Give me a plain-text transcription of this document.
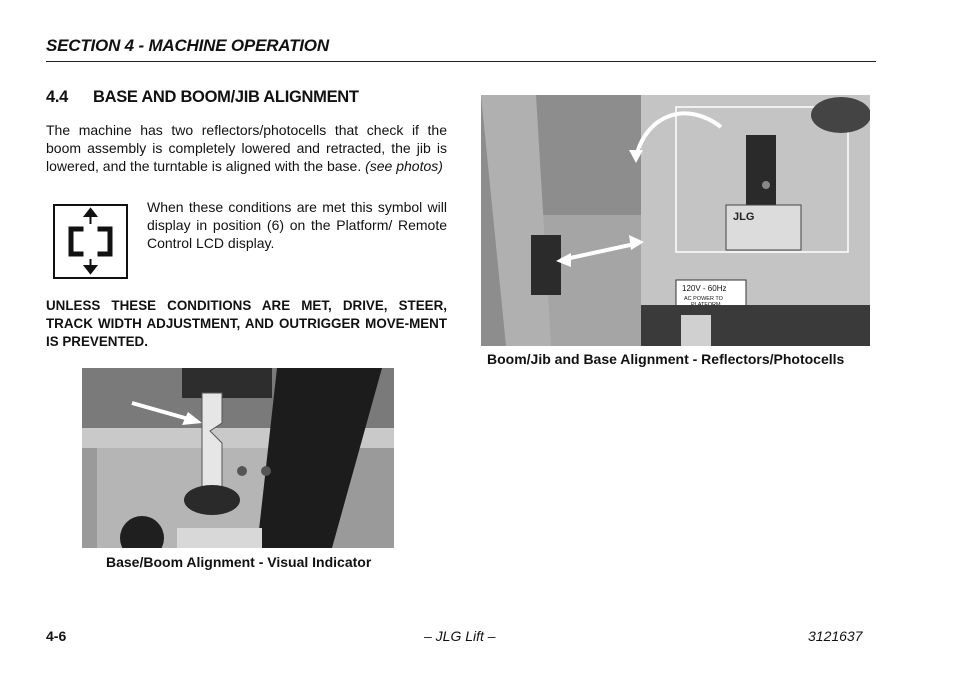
SECTION 4 - MACHINE OPERATION
4.4 BASE AND BOOM/JIB ALIGNMENT
The machine has two reflectors/photocells that check if the boom assembly is completely lowered and retracted, the jib is lowered, and the turntable is aligned with the base. (see photos)
When these conditions are met this symbol will display in position (6) on the Platform/ Remote Control LCD display.
UNLESS THESE CONDITIONS ARE MET, DRIVE, STEER, TRACK WIDTH ADJUSTMENT, AND OUTRIGGER MOVE-MENT IS PREVENTED.
Base/Boom Alignment - Visual Indicator
JLG
120V - 60Hz
AC POWER TO
Boom/Jib and Base Alignment - Reflectors/Photocells
4-6	– JLG Lift –	3121637
